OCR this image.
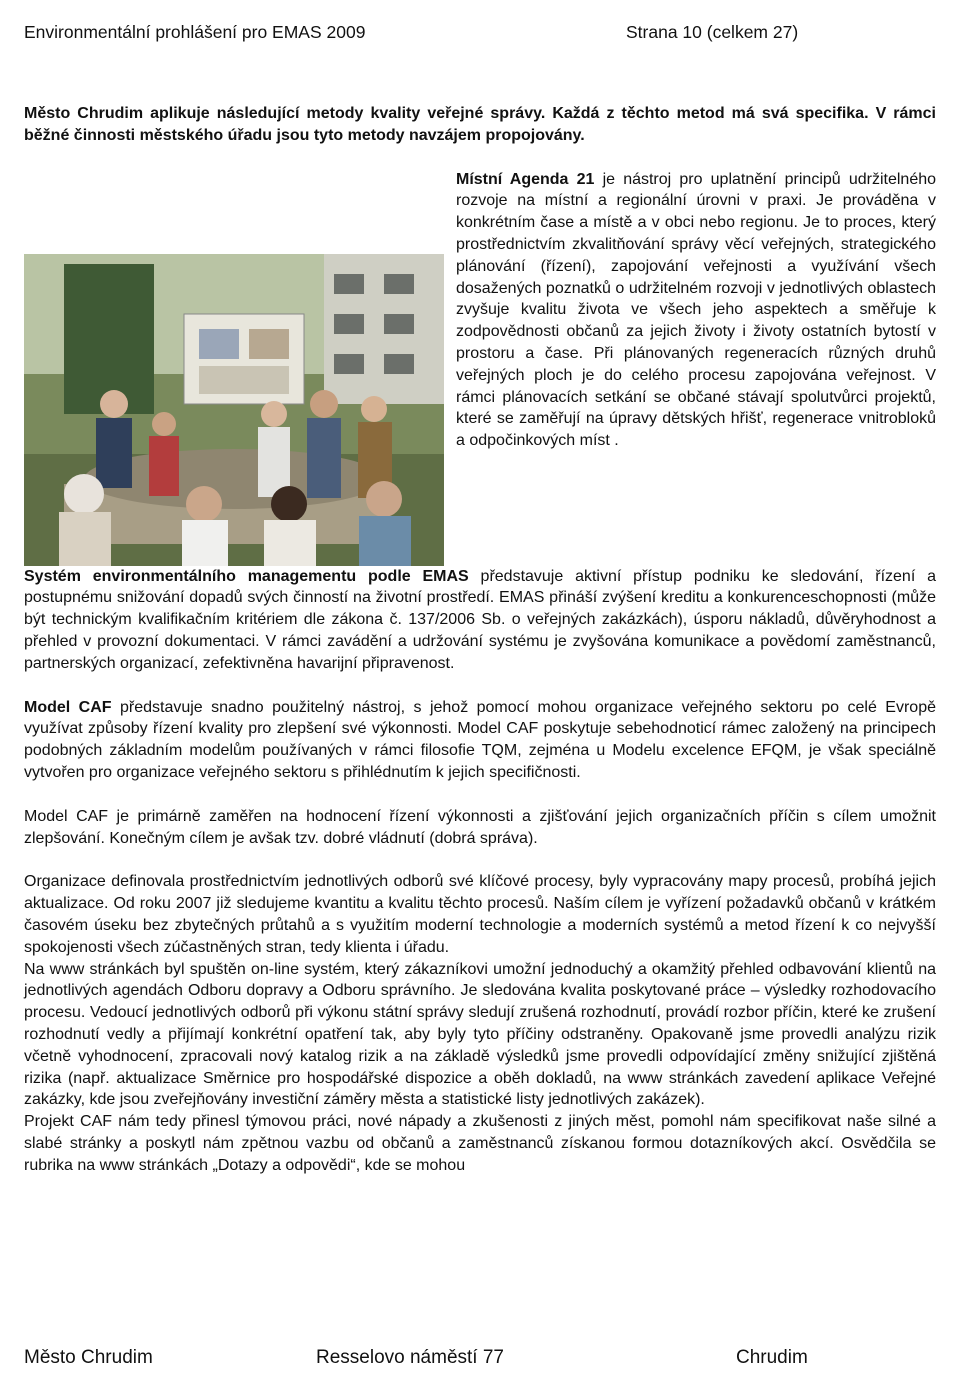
Environmentální prohlášení pro EMAS 2009	Strana 10 (celkem 27)

Město Chrudim aplikuje následující metody kvality veřejné správy. Každá z těchto metod má svá specifika. V rámci běžné činnosti městského úřadu jsou tyto metody navzájem propojovány.

Místní Agenda 21 je nástroj pro uplatnění principů udržitelného rozvoje na místní a regionální úrovni v praxi. Je prováděna v konkrétním čase a místě a v obci nebo regionu. Je to proces, který prostřednictvím zkvalitňování správy věcí veřejných, strategického plánování (řízení), zapojování veřejnosti a využívání všech dosažených poznatků o udržitelném rozvoji v jednotlivých oblastech zvyšuje kvalitu života ve všech jeho aspektech a směřuje k zodpovědnosti občanů za jejich životy i životy ostatních bytostí v prostoru a čase. Při plánovaných regeneracích různých druhů veřejných ploch je do celého procesu zapojována veřejnost. V rámci plánovacích setkání se občané stávají spolutvůrci projektů, které se zaměřují na úpravy dětských hřišť, regenerace vnitrobloků a odpočinkových míst .

Systém environmentálního managementu podle EMAS představuje aktivní přístup podniku ke sledování, řízení a postupnému snižování dopadů svých činností na životní prostředí. EMAS přináší zvýšení kreditu a konkurenceschopnosti (může být technickým kvalifikačním kritériem dle zákona č. 137/2006 Sb. o veřejných zakázkách), úsporu nákladů, důvěryhodnost a přehled v provozní dokumentaci. V rámci zavádění a udržování systému je zvyšována komunikace a povědomí zaměstnanců, partnerských organizací, zefektivněna havarijní připravenost.

Model CAF představuje snadno použitelný nástroj, s jehož pomocí mohou organizace veřejného sektoru po celé Evropě využívat způsoby řízení kvality pro zlepšení své výkonnosti. Model CAF poskytuje sebehodnoticí rámec založený na principech podobných základním modelům používaných v rámci filosofie TQM, zejména u Modelu excelence EFQM, je však speciálně vytvořen pro organizace veřejného sektoru s přihlédnutím k jejich specifičnosti.

Model CAF je primárně zaměřen na hodnocení řízení výkonnosti a zjišťování jejich organizačních příčin s cílem umožnit zlepšování. Konečným cílem je avšak tzv. dobré vládnutí (dobrá správa).

Organizace definovala prostřednictvím jednotlivých odborů své klíčové procesy, byly vypracovány mapy procesů, probíhá jejich aktualizace. Od roku 2007 již sledujeme kvantitu a kvalitu těchto procesů. Naším cílem je vyřízení požadavků občanů v krátkém časovém úseku bez zbytečných průtahů a s využitím moderní technologie a moderních systémů a metod řízení k co nejvyšší spokojenosti všech zúčastněných stran, tedy klienta i úřadu.

Na www stránkách byl spuštěn on-line systém, který zákazníkovi umožní jednoduchý a okamžitý přehled odbavování klientů na jednotlivých agendách Odboru dopravy a Odboru správního. Je sledována kvalita poskytované práce – výsledky rozhodovacího procesu. Vedoucí jednotlivých odborů při výkonu státní správy sledují zrušená rozhodnutí, provádí rozbor příčin, které ke zrušení rozhodnutí vedly a přijímají konkrétní opatření tak, aby byly tyto příčiny odstraněny. Opakovaně jsme provedli analýzu rizik včetně vyhodnocení, zpracovali nový katalog rizik a na základě výsledků jsme provedli odpovídající změny snižující zjištěná rizika (např. aktualizace Směrnice pro hospodářské dispozice a oběh dokladů, na www stránkách zavedení aplikace Veřejné zakázky, kde jsou zveřejňovány investiční záměry města a statistické listy jednotlivých zakázek).

Projekt CAF nám tedy přinesl týmovou práci, nové nápady a zkušenosti z jiných měst, pomohl nám specifikovat naše silné a slabé stránky a poskytl nám zpětnou vazbu od občanů a zaměstnanců získanou formou dotazníkových akcí. Osvědčila se rubrika na www stránkách „Dotazy a odpovědi“, kde se mohou

Město Chrudim	Resselovo náměstí 77	Chrudim
